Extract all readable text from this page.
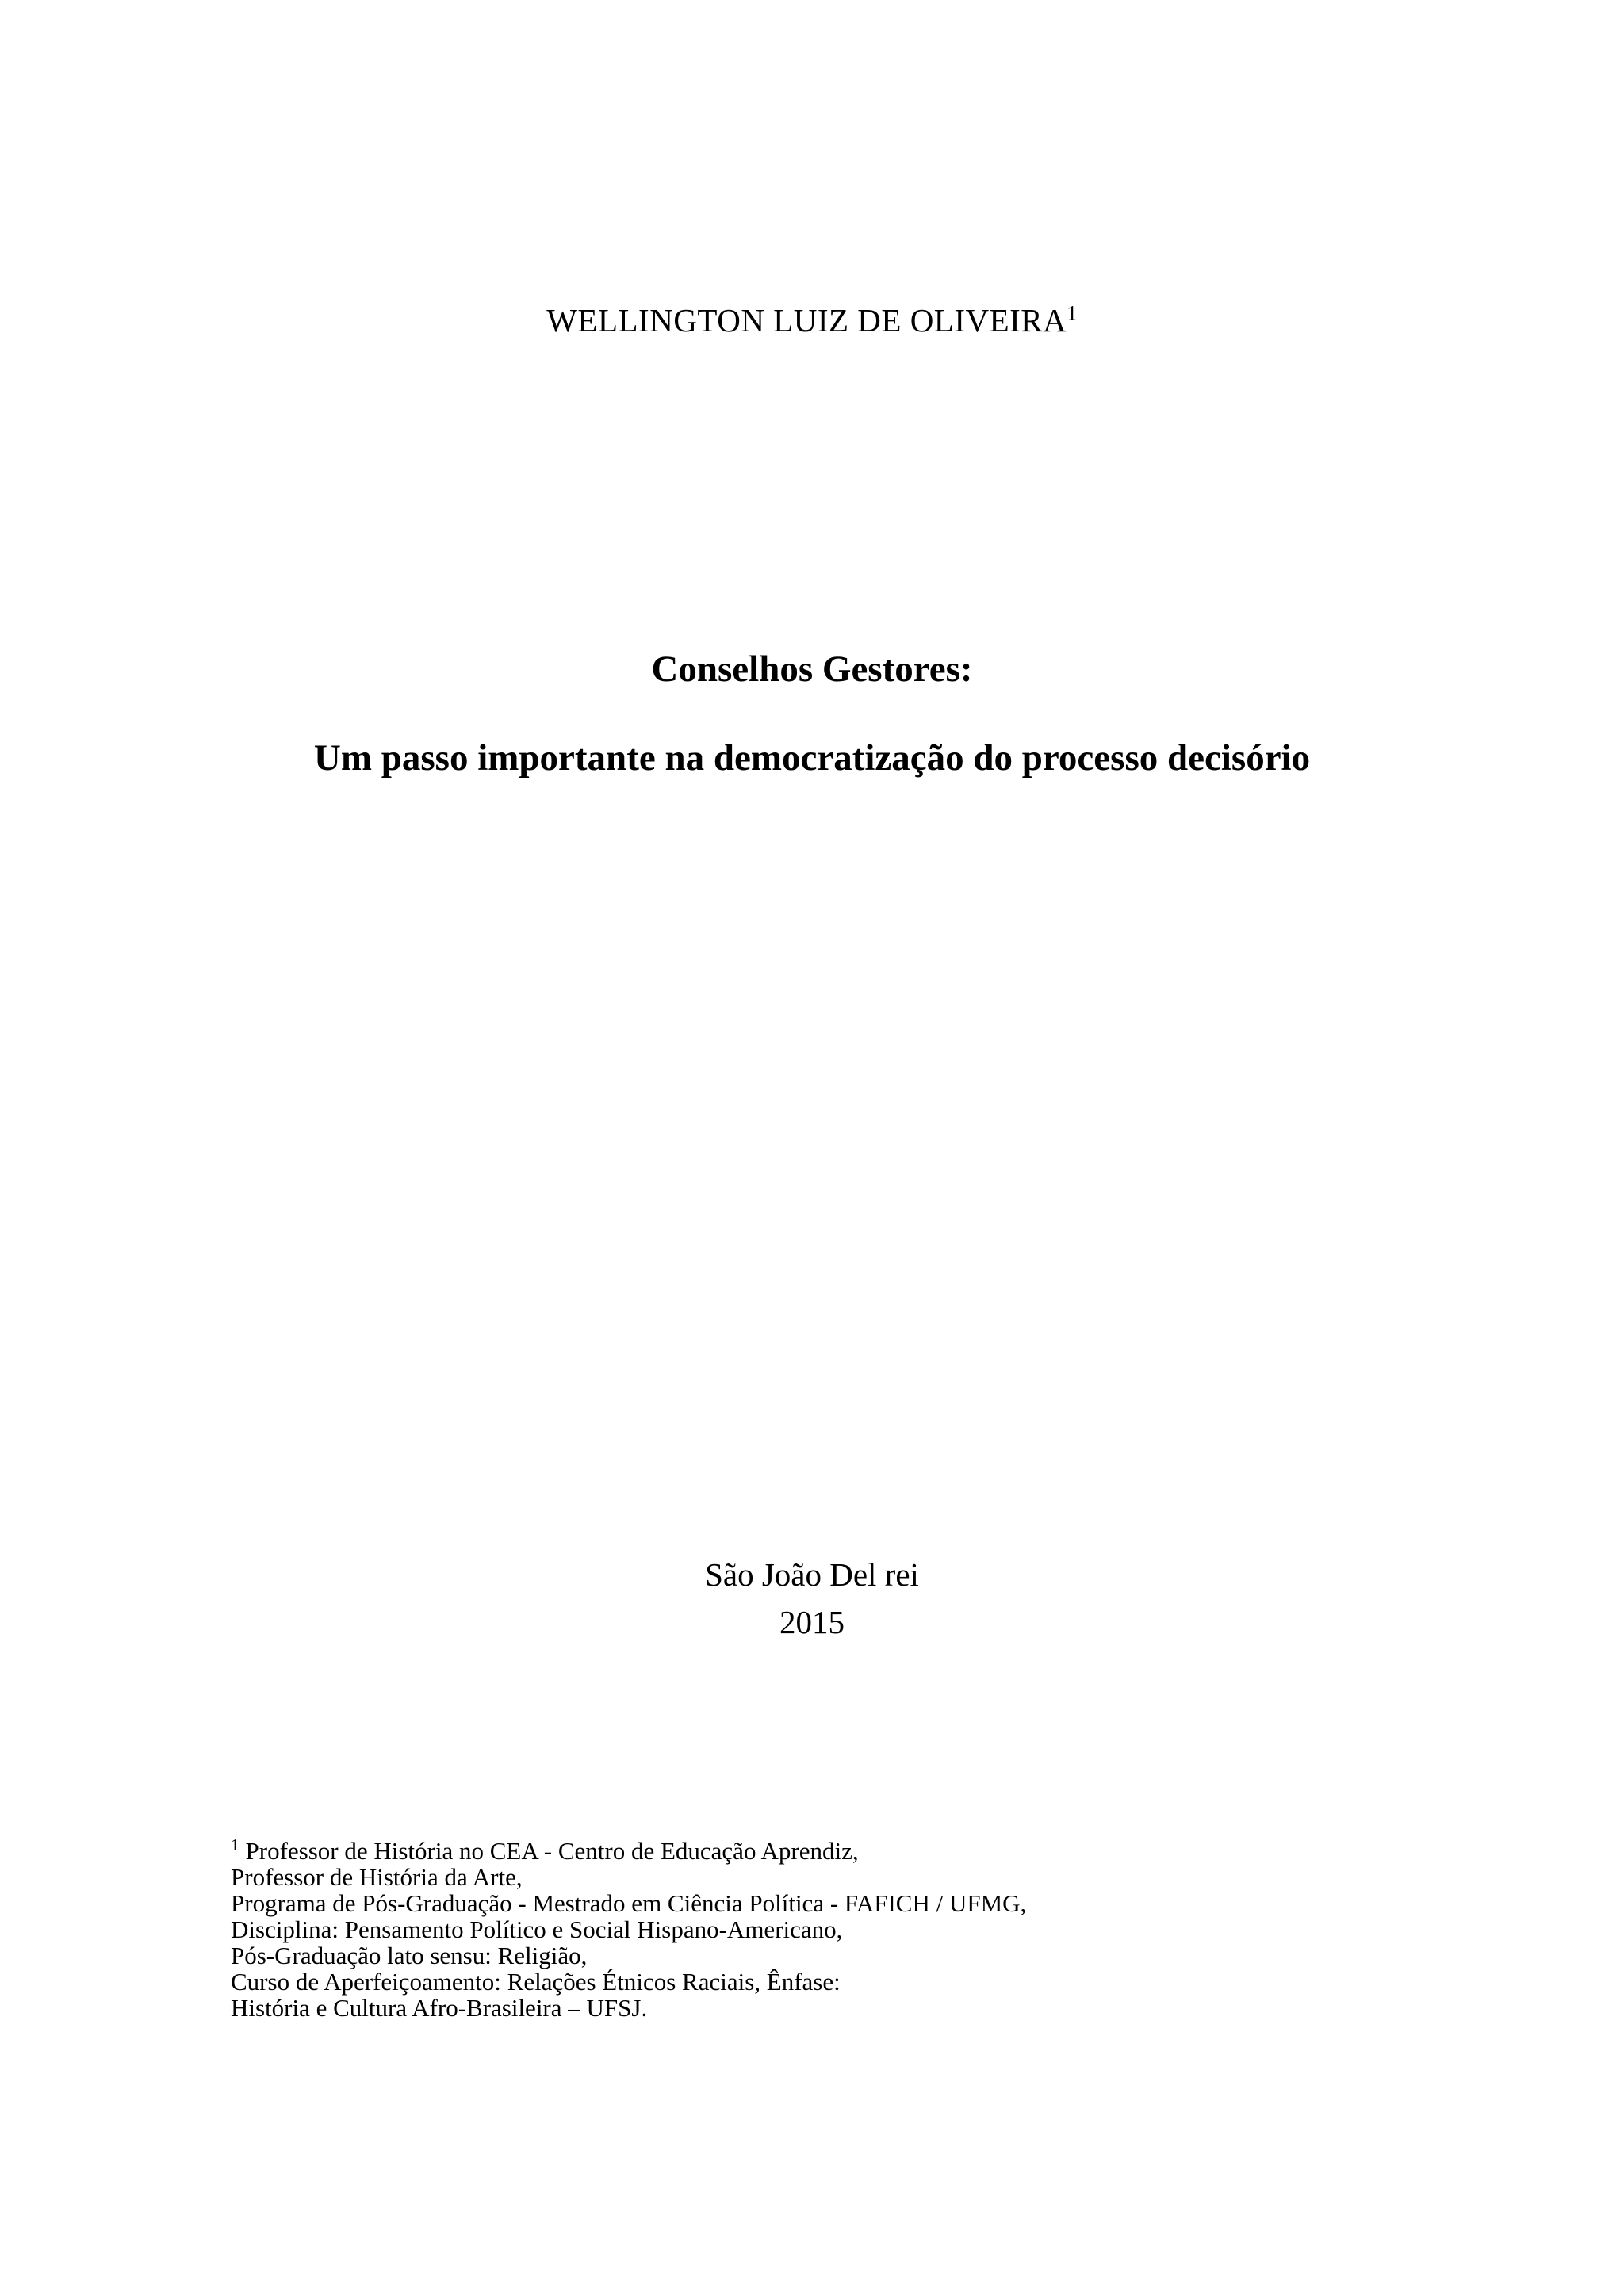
WELLINGTON LUIZ DE OLIVEIRA$^1$
Conselhos Gestores:
Um passo importante na democratização do processo decisório
São João Del rei
2015
$^1$ Professor de História no CEA - Centro de Educação Aprendiz,
Professor de História da Arte,
Programa de Pós-Graduação - Mestrado em Ciência Política - FAFICH / UFMG,
Disciplina: Pensamento Político e Social Hispano-Americano,
Pós-Graduação lato sensu: Religião,
Curso de Aperfeiçoamento: Relações Étnicos Raciais, Ênfase:
História e Cultura Afro-Brasileira – UFSJ.
